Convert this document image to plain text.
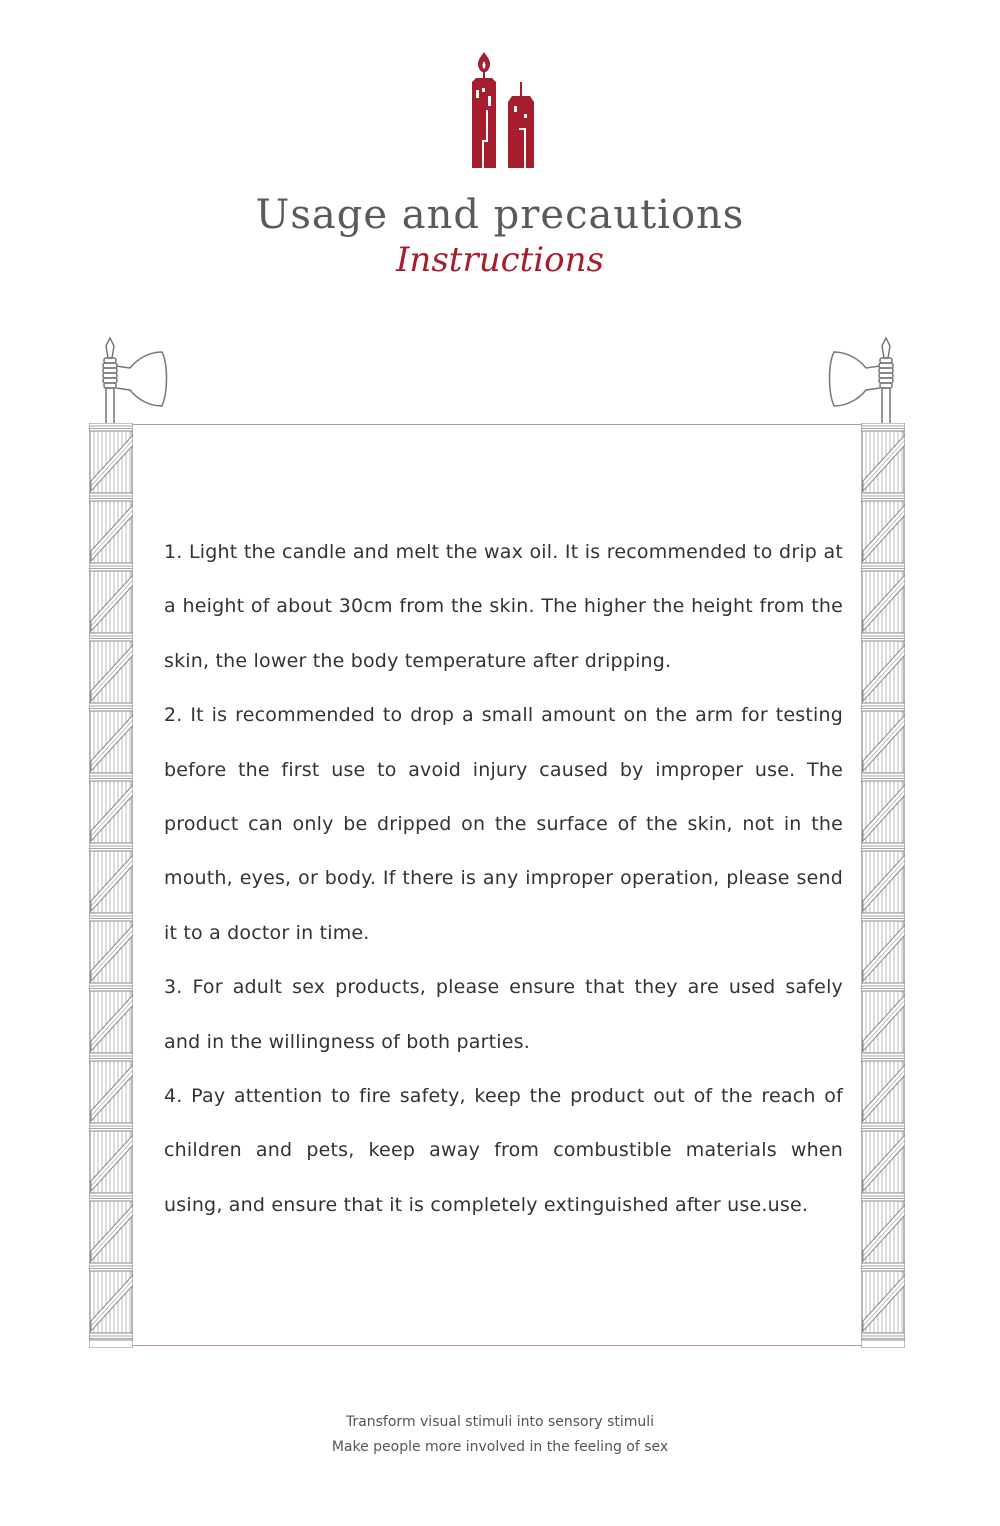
Usage and precautions
Instructions

1. Light the candle and melt the wax oil. It is recommended to drip at a height of about 30cm from the skin. The higher the height from the skin, the lower the body temperature after dripping.

2. It is recommended to drop a small amount on the arm for testing before the first use to avoid injury caused by improper use. The product can only be dripped on the surface of the skin, not in the mouth, eyes, or body. If there is any improper operation, please send it to a doctor in time.

3. For adult sex products, please ensure that they are used safely and in the willingness of both parties.

4. Pay attention to fire safety, keep the product out of the reach of children and pets, keep away from combustible materials when using, and ensure that it is completely extinguished after use.use.

Transform visual stimuli into sensory stimuli
Make people more involved in the feeling of sex
